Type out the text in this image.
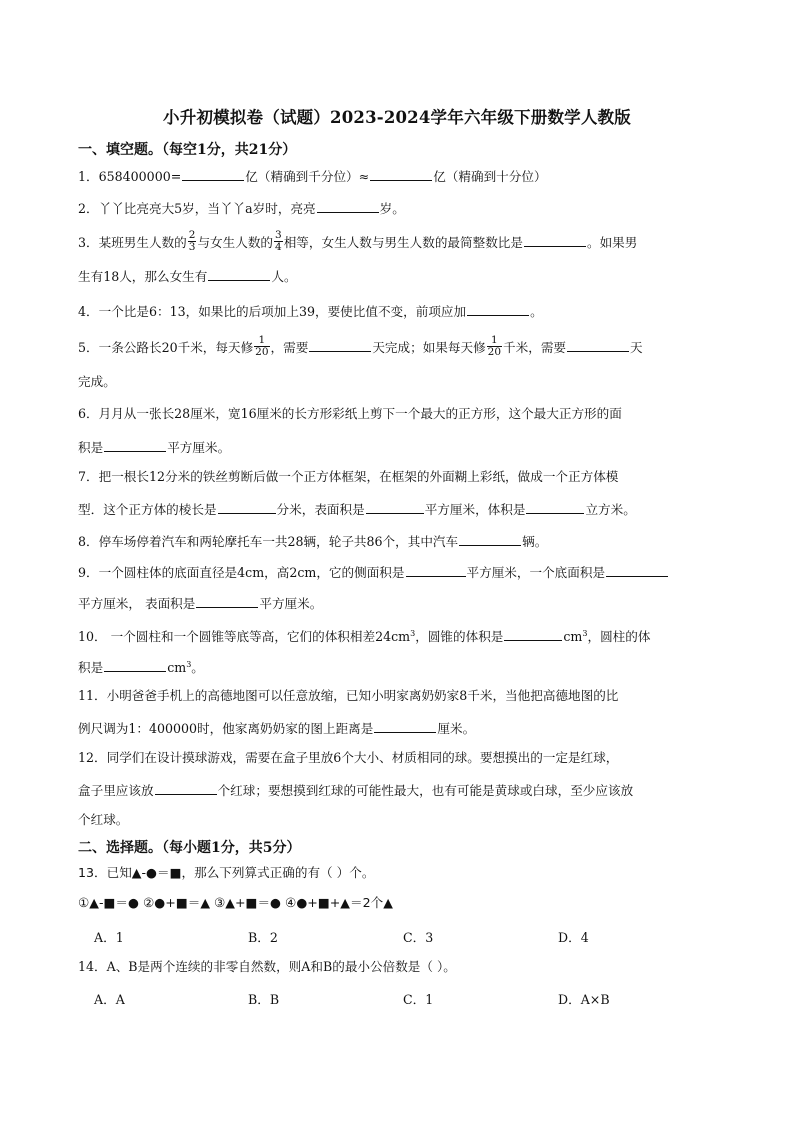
小升初模拟卷（试题）2023-2024学年六年级下册数学人教版
一、填空题。（每空1分，共21分）
1．658400000=	亿（精确到千分位）≈	亿（精确到十分位）
2．丫丫比亮亮大5岁，当丫丫a岁时，亮亮	岁。
3．某班男生人数的 $\frac{2}{3}$ 与女生人数的 $\frac{3}{4}$ 相等，女生人数与男生人数的最简整数比是	。如果男
生有18人，那么女生有	人。
4．一个比是6：13，如果比的后项加上39，要使比值不变，前项应加	。
5．一条公路长20千米，每天修 $\frac{1}{20}$ ，需要	天完成；如果每天修 $\frac{1}{20}$ 千米，需要	天
完成。
6．月月从一张长28厘米，宽16厘米的长方形彩纸上剪下一个最大的正方形，这个最大正方形的面
积是	平方厘米。
7．把一根长12分米的铁丝剪断后做一个正方体框架，在框架的外面糊上彩纸，做成一个正方体模
型．这个正方体的棱长是	分米，表面积是	平方厘米，体积是	立方米。
8．停车场停着汽车和两轮摩托车一共28辆，轮子共86个，其中汽车	辆。
9．一个圆柱体的底面直径是4cm，高2cm，它的侧面积是	平方厘米，一个底面积是
平方厘米， 表面积是	平方厘米。
10． 一个圆柱和一个圆锥等底等高，它们的体积相差$24cm^3$，圆锥的体积是	$cm^3$，圆柱的体
积是	$cm^3$。
11．小明爸爸手机上的高德地图可以任意放缩，已知小明家离奶奶家8千米，当他把高德地图的比
例尺调为1：400000时，他家离奶奶家的图上距离是	厘米。
12．同学们在设计摸球游戏，需要在盒子里放6个大小、材质相同的球。要想摸出的一定是红球，
盒子里应该放	个红球；要想摸到红球的可能性最大，也有可能是黄球或白球，至少应该放
个红球。
二、选择题。（每小题1分，共5分）
13．已知▲-●＝■，那么下列算式正确的有（ ）个。
①▲-■＝● ②●+■＝▲ ③▲+■＝● ④●+■+▲＝2个▲
A．1	B．2	C．3	D．4
14．A、B是两个连续的非零自然数，则A和B的最小公倍数是（ ）。
A．A	B．B	C．1	D．A×B
